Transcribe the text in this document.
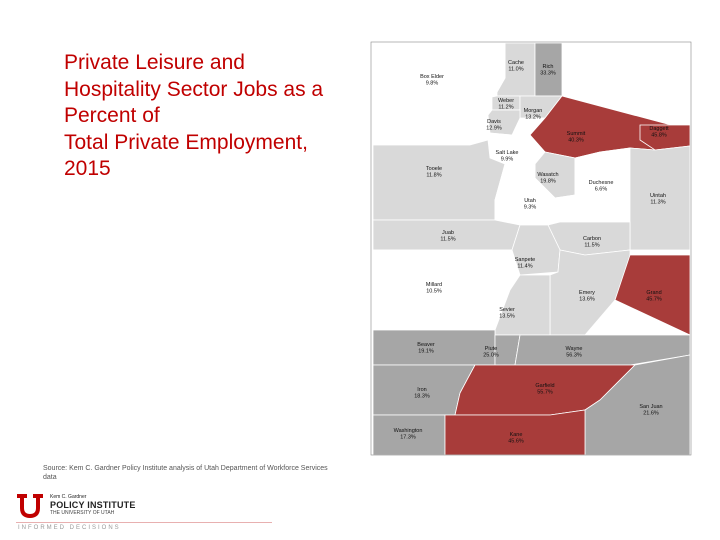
Private Leisure and
Hospitality Sector Jobs as a
Percent of
Total Private Employment,
2015
Cache 11.0%	Rich 33.3%
Box Elder 9.8%
Weber 11.2%
Morgan 13.2%
Davis 12.9%
Summit 40.3%
Daggett 45.8%
Salt Lake 9.9%
Tooele 11.8%	Wasatch 19.8%	Duchesne 6.6%
Uintah 11.3%
Utah 9.3%
Juab 11.5%	Carbon 11.5%
Sanpete 11.4%
Millard 10.5%	Emery 13.6%
Grand 45.7%
Sevier 13.5%
Beaver 19.1%	Piute 25.0%
Wayne 56.3%
Iron 18.3%
Garfield 55.7%
San Juan 21.6%
Washington 17.3%	Kane 45.6%
Source: Kem C. Gardner Policy Institute analysis of Utah Department of Workforce Services data
Kem C. Gardner
POLICY INSTITUTE
THE UNIVERSITY OF UTAH
INFORMED DECISIONS
